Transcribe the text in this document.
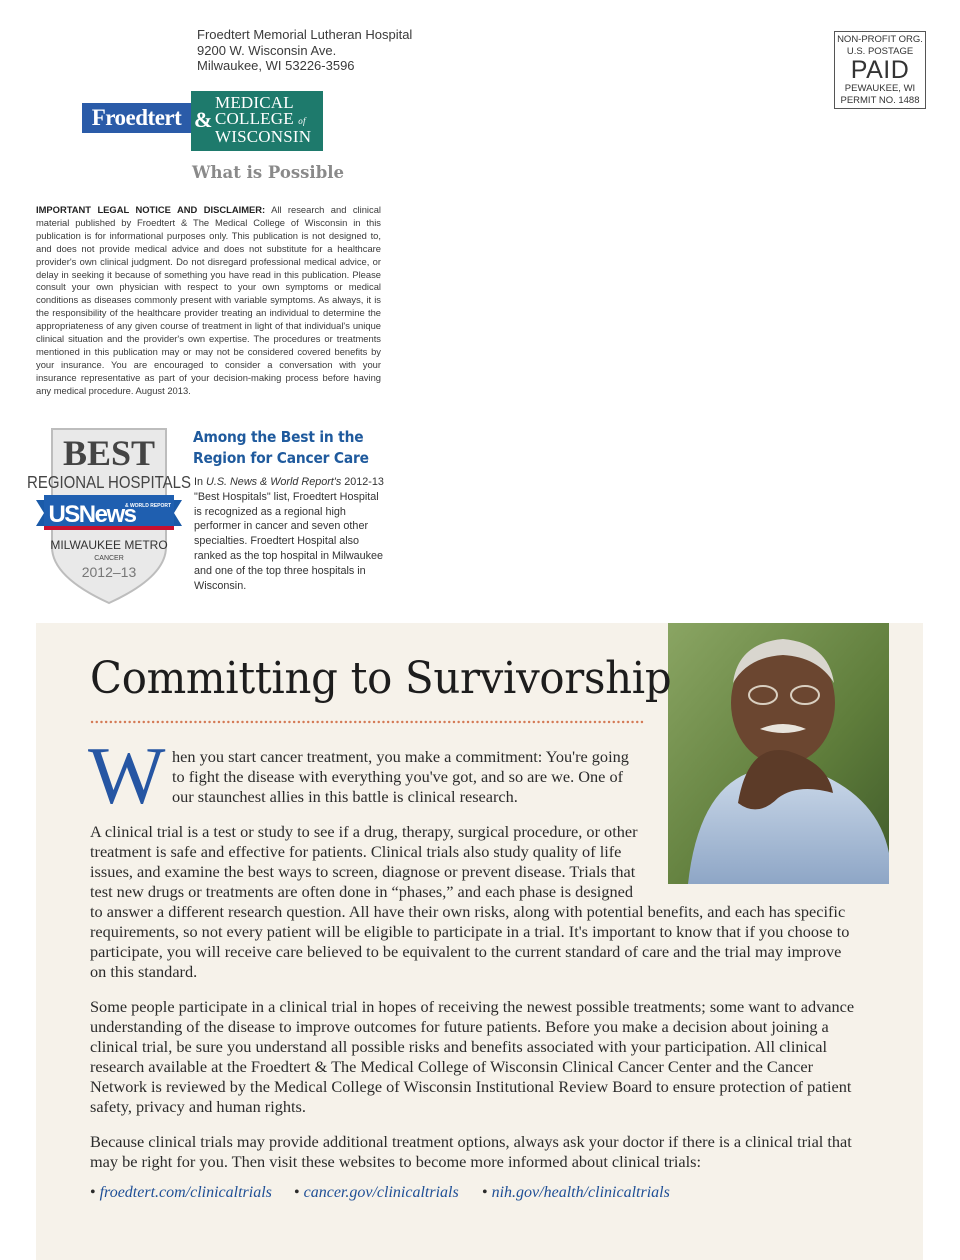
Froedtert Memorial Lutheran Hospital
9200 W. Wisconsin Ave.
Milwaukee, WI 53226-3596
NON-PROFIT ORG.
U.S. POSTAGE
PAID
PEWAUKEE, WI
PERMIT NO. 1488
Froedtert &
MEDICAL
COLLEGE of
WISCONSIN
What is Possible
IMPORTANT LEGAL NOTICE AND DISCLAIMER: All research and clinical material published by Froedtert & The Medical College of Wisconsin in this publication is for informational purposes only. This publication is not designed to, and does not provide medical advice and does not substitute for a healthcare provider's own clinical judgment. Do not disregard professional medical advice, or delay in seeking it because of something you have read in this publication. Please consult your own physician with respect to your own symptoms or medical conditions as diseases commonly present with variable symptoms. As always, it is the responsibility of the healthcare provider treating an individual to determine the appropriateness of any given course of treatment in light of that individual's unique clinical situation and the provider's own expertise. The procedures or treatments mentioned in this publication may or may not be considered covered benefits by your insurance. You are encouraged to consider a conversation with your insurance representative as part of your decision-making process before having any medical procedure. August 2013.
BEST
REGIONAL HOSPITALS
USNews
& WORLD REPORT
MILWAUKEE METRO
CANCER
2012–13
Among the Best in the
Region for Cancer Care
In U.S. News & World Report's 2012-13 "Best Hospitals" list, Froedtert Hospital is recognized as a regional high performer in cancer and seven other specialties. Froedtert Hospital also ranked as the top hospital in Milwaukee and one of the top three hospitals in Wisconsin.
Committing to Survivorship
W hen you start cancer treatment, you make a commitment: You're going
to fight the disease with everything you've got, and so are we. One of
our staunchest allies in this battle is clinical research.
A clinical trial is a test or study to see if a drug, therapy, surgical procedure, or other
treatment is safe and effective for patients. Clinical trials also study quality of life
issues, and examine the best ways to screen, diagnose or prevent disease. Trials that
test new drugs or treatments are often done in “phases,” and each phase is designed
to answer a different research question. All have their own risks, along with potential benefits, and each has specific
requirements, so not every patient will be eligible to participate in a trial. It's important to know that if you choose to
participate, you will receive care believed to be equivalent to the current standard of care and the trial may improve
on this standard.
Some people participate in a clinical trial in hopes of receiving the newest possible treatments; some want to advance
understanding of the disease to improve outcomes for future patients. Before you make a decision about joining a
clinical trial, be sure you understand all possible risks and benefits associated with your participation. All clinical
research available at the Froedtert & The Medical College of Wisconsin Clinical Cancer Center and the Cancer
Network is reviewed by the Medical College of Wisconsin Institutional Review Board to ensure protection of patient
safety, privacy and human rights.
Because clinical trials may provide additional treatment options, always ask your doctor if there is a clinical trial that
may be right for you. Then visit these websites to become more informed about clinical trials:
• froedtert.com/clinicaltrials • cancer.gov/clinicaltrials • nih.gov/health/clinicaltrials
